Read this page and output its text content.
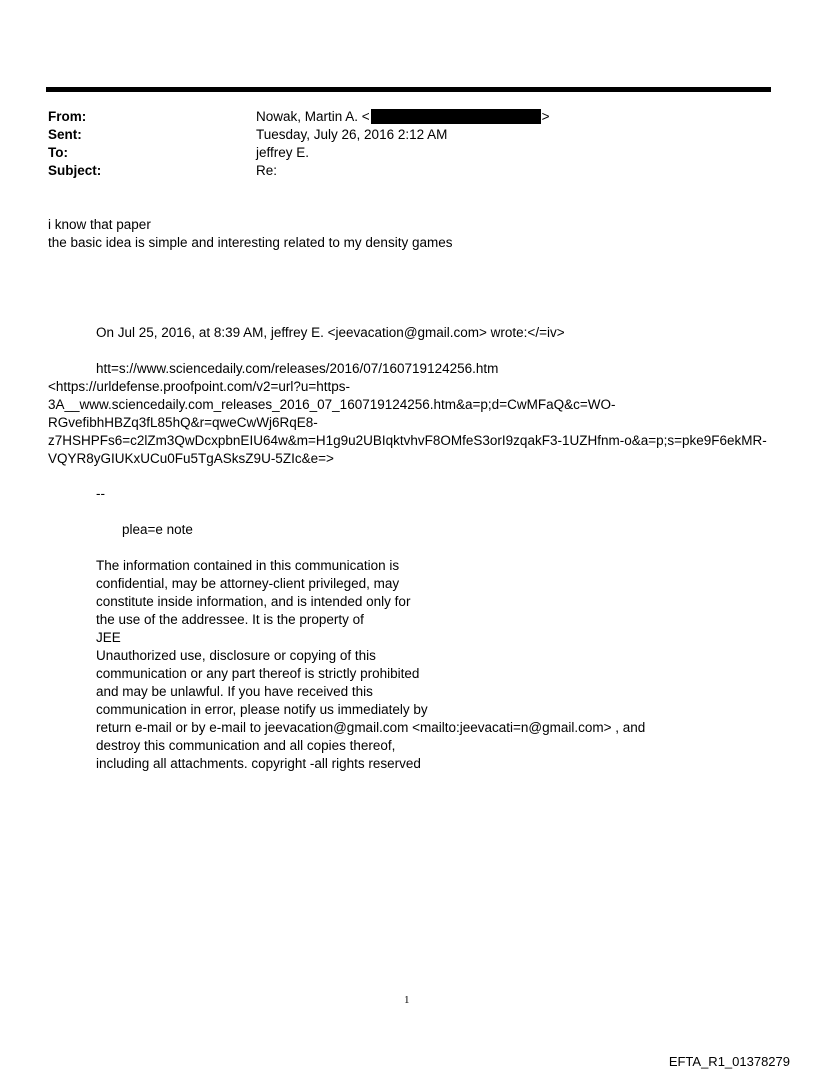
From:	Nowak, Martin A. <	>
Sent:	Tuesday, July 26, 2016 2:12 AM
To:	jeffrey E.
Subject:	Re:
i know that paper
the basic idea is simple and interesting related to my density games
On Jul 25, 2016, at 8:39 AM, jeffrey E. <jeevacation@gmail.com> wrote:</=iv>
htt=s://www.sciencedaily.com/releases/2016/07/160719124256.htm
<https://urldefense.proofpoint.com/v2=url?u=https-
3A__www.sciencedaily.com_releases_2016_07_160719124256.htm&a=p;d=CwMFaQ&c=WO-
RGvefibhHBZq3fL85hQ&r=qweCwWj6RqE8-
z7HSHPFs6=c2lZm3QwDcxpbnEIU64w&m=H1g9u2UBIqktvhvF8OMfeS3orI9zqakF3-1UZHfnm-o&a=p;s=pke9F6ekMR-
VQYR8yGIUKxUCu0Fu5TgASksZ9U-5ZIc&e=>
--
plea=e note
The information contained in this communication is
confidential, may be attorney-client privileged, may
constitute inside information, and is intended only for
the use of the addressee. It is the property of
JEE
Unauthorized use, disclosure or copying of this
communication or any part thereof is strictly prohibited
and may be unlawful. If you have received this
communication in error, please notify us immediately by
return e-mail or by e-mail to jeevacation@gmail.com <mailto:jeevacati=n@gmail.com> , and
destroy this communication and all copies thereof,
including all attachments. copyright -all rights reserved
1
EFTA_R1_01378279
